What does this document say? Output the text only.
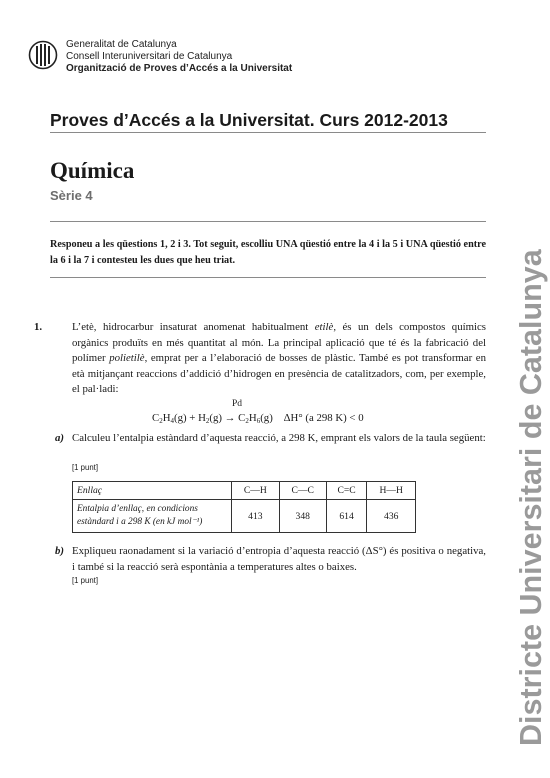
Generalitat de Catalunya
Consell Interuniversitari de Catalunya
Organització de Proves d’Accés a la Universitat
Proves d’Accés a la Universitat. Curs 2012-2013
Química
Sèrie 4
Responeu a les qüestions 1, 2 i 3. Tot seguit, escolliu UNA qüestió entre la 4 i la 5 i UNA qüestió entre la 6 i la 7 i contesteu les dues que heu triat.
1.	L’etè, hidrocarbur insaturat anomenat habitualment etilè, és un dels compostos químics orgànics produïts en més quantitat al món. La principal aplicació que té és la fabricació del polímer polietilè, emprat per a l’elaboració de bosses de plàstic. També es pot transformar en età mitjançant reaccions d’addició d’hidrogen en presència de catalitzadors, com, per exemple, el pal·ladi:
Pd
$C_2H_4(g) + H_2(g) \to C_2H_6(g)$ ΔH° (a 298 K) < 0
a) Calculeu l’entalpia estàndard d’aquesta reacció, a 298 K, emprant els valors de la taula següent:
[1 punt]
Enllaç	C—H	C—C	C=C	H—H

Entalpia d’enllaç, en condicions
estàndard i a 298 K (en kJ mol⁻¹)	413	348	614	436
b) Expliqueu raonadament si la variació d’entropia d’aquesta reacció (ΔS°) és positiva o negativa, i també si la reacció serà espontània a temperatures altes o baixes.
[1 punt]	Districte Universitari de Catalunya
